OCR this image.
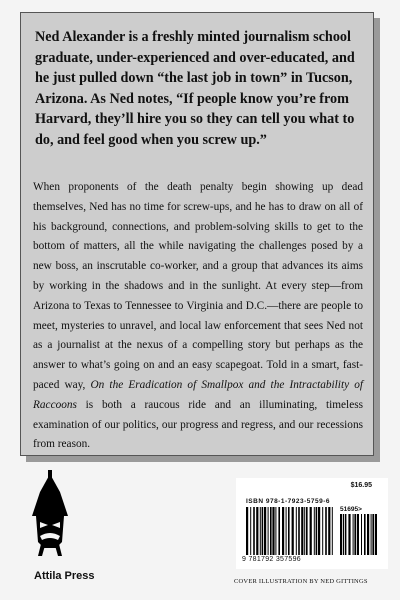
Ned Alexander is a freshly minted journalism school graduate, under-experienced and over-educated, and he just pulled down “the last job in town” in Tucson, Arizona. As Ned notes, “If people know you’re from Harvard, they’ll hire you so they can tell you what to do, and feel good when you screw up.”

When proponents of the death penalty begin showing up dead themselves, Ned has no time for screw-ups, and he has to draw on all of his background, connections, and problem-solving skills to get to the bottom of matters, all the while navigating the challenges posed by a new boss, an inscrutable co-worker, and a group that advances its aims by working in the shadows and in the sunlight. At every step—from Arizona to Texas to Tennessee to Virginia and D.C.—there are people to meet, mysteries to unravel, and local law enforcement that sees Ned not as a journalist at the nexus of a compelling story but perhaps as the answer to what’s going on and an easy scapegoat. Told in a smart, fast-paced way, On the Eradication of Smallpox and the Intractability of Raccoons is both a raucous ride and an illuminating, timeless examination of our politics, our progress and regress, and our recessions from reason.

$16.95
ISBN 978-1-7923-5759-6
51695>
9 781792 357596
Attila Press	COVER ILLUSTRATION BY NED GITTINGS
